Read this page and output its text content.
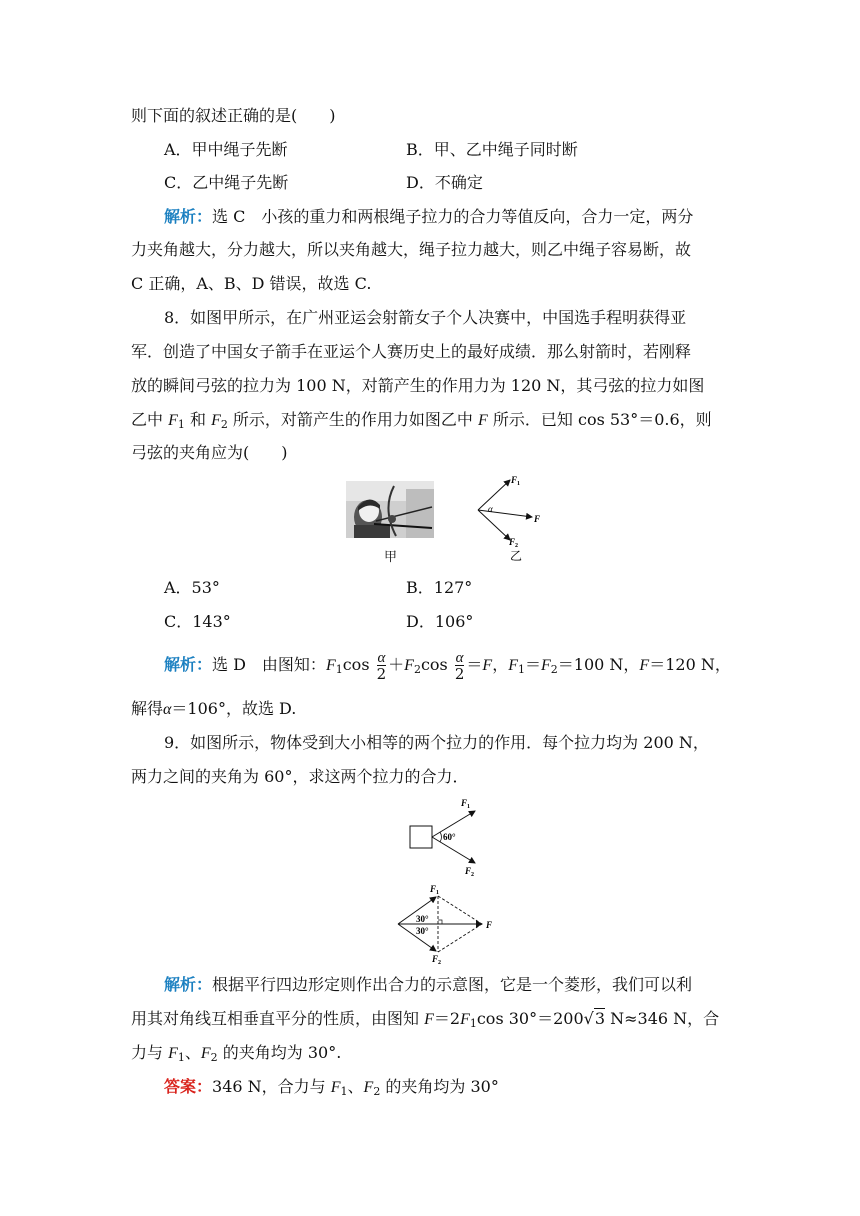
则下面的叙述正确的是(　　)
A．甲中绳子先断	B．甲、乙中绳子同时断
C．乙中绳子先断	D．不确定
解析：选 C　小孩的重力和两根绳子拉力的合力等值反向，合力一定，两分
力夹角越大，分力越大，所以夹角越大，绳子拉力越大，则乙中绳子容易断，故
C 正确，A、B、D 错误，故选 C.
8．如图甲所示，在广州亚运会射箭女子个人决赛中，中国选手程明获得亚
军．创造了中国女子箭手在亚运个人赛历史上的最好成绩．那么射箭时，若刚释
放的瞬间弓弦的拉力为 100 N，对箭产生的作用力为 120 N，其弓弦的拉力如图
乙中 $F_1$ 和 $F_2$ 所示，对箭产生的作用力如图乙中 F 所示．已知 cos 53°＝0.6，则
弓弦的夹角应为(　　)
甲
$F_1$
α
F
$F_2$
乙
A．53°	B．127°
C．143°	D．106°
解析：选 D　由图知：$F_1\cos \frac{\alpha}{2} +F_2\cos \frac{\alpha}{2} =F$，$F_1=F_2=100$ N，F＝120 N，
解得α＝106°，故选 D.
9．如图所示，物体受到大小相等的两个拉力的作用．每个拉力均为 200 N，
两力之间的夹角为 60°，求这两个拉力的合力．
$F_1$
60°
$F_2$
$F_1$
30°
30°
F
$F_2$
解析：根据平行四边形定则作出合力的示意图，它是一个菱形，我们可以利
用其对角线互相垂直平分的性质，由图知 $F=2F_1\cos$ 30°＝200√3 N≈346 N，合
力与 $F_1$、$F_2$ 的夹角均为 30°.
答案：346 N，合力与 $F_1$、$F_2$ 的夹角均为 30°
